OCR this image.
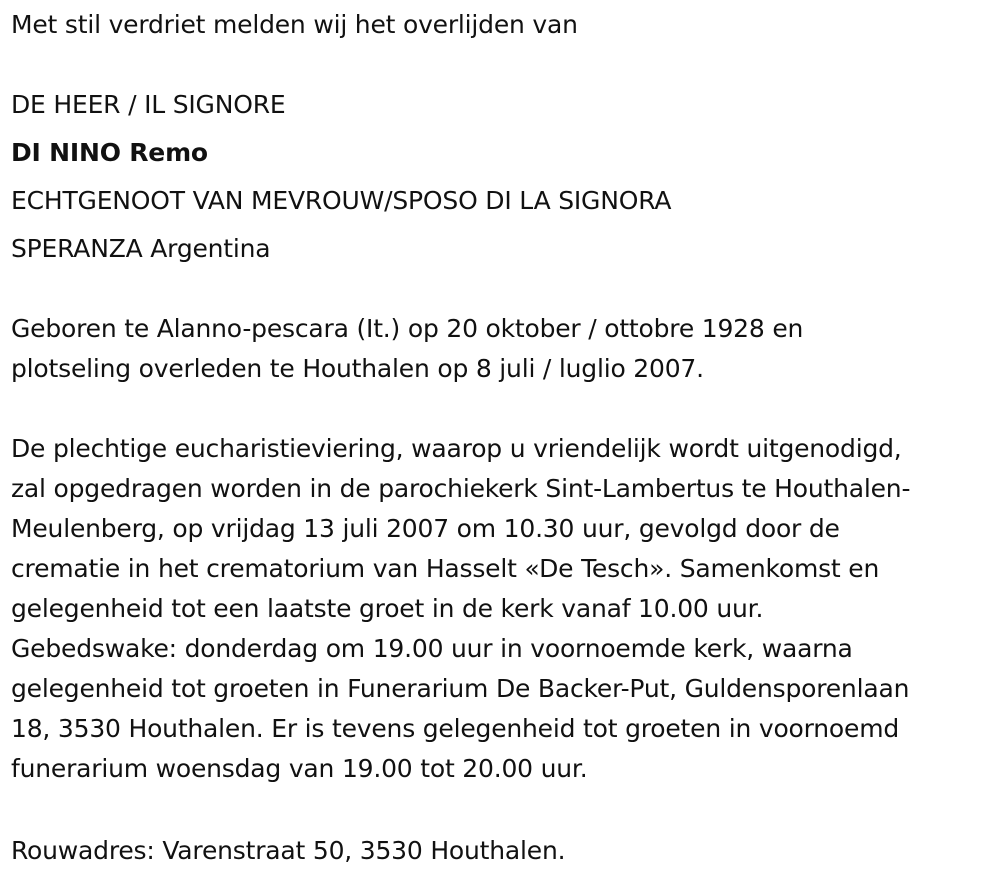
Met stil verdriet melden wij het overlijden van
DE HEER / IL SIGNORE
DI NINO Remo
ECHTGENOOT VAN MEVROUW/SPOSO DI LA SIGNORA
SPERANZA Argentina
Geboren te Alanno-pescara (It.) op 20 oktober / ottobre 1928 en
plotseling overleden te Houthalen op 8 juli / luglio 2007.
De plechtige eucharistieviering, waarop u vriendelijk wordt uitgenodigd,
zal opgedragen worden in de parochiekerk Sint-Lambertus te Houthalen-
Meulenberg, op vrijdag 13 juli 2007 om 10.30 uur, gevolgd door de
crematie in het crematorium van Hasselt «De Tesch». Samenkomst en
gelegenheid tot een laatste groet in de kerk vanaf 10.00 uur.
Gebedswake: donderdag om 19.00 uur in voornoemde kerk, waarna
gelegenheid tot groeten in Funerarium De Backer-Put, Guldensporenlaan
18, 3530 Houthalen. Er is tevens gelegenheid tot groeten in voornoemd
funerarium woensdag van 19.00 tot 20.00 uur.
Rouwadres: Varenstraat 50, 3530 Houthalen.
